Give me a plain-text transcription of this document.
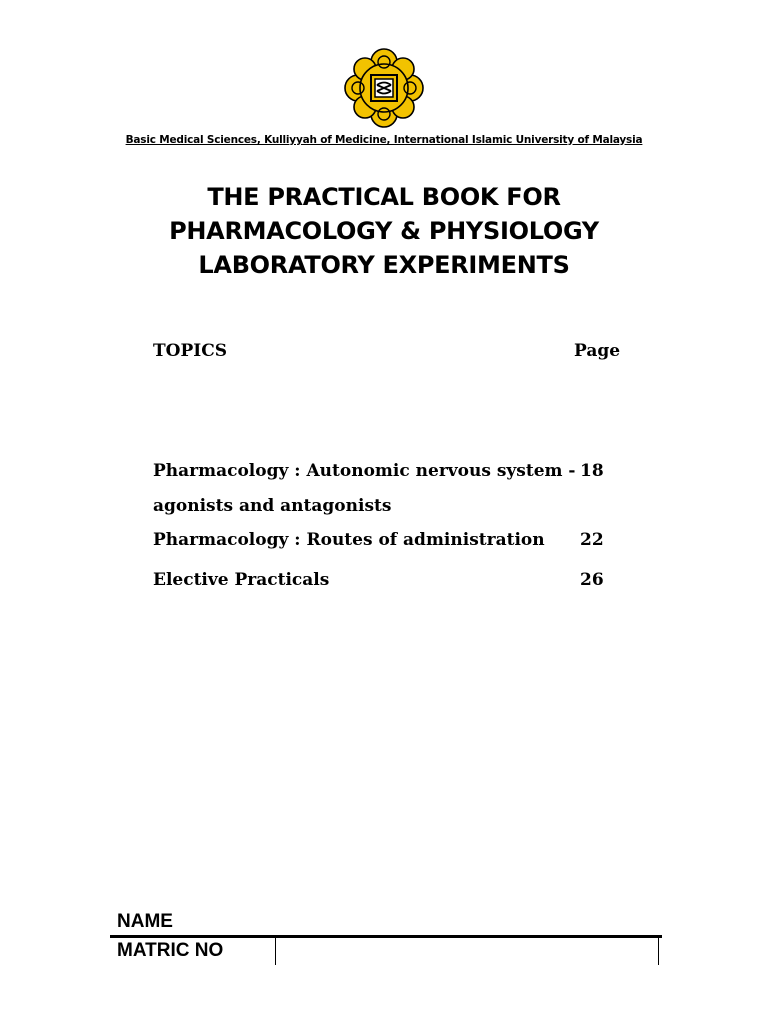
Basic Medical Sciences, Kulliyyah of Medicine, International Islamic University of Malaysia
THE PRACTICAL BOOK FOR
PHARMACOLOGY & PHYSIOLOGY
LABORATORY EXPERIMENTS
TOPICS	Page
Pharmacology : Autonomic nervous system - 18
agonists and antagonists
Pharmacology : Routes of administration 22
Elective Practicals	26
NAME
MATRIC NO
